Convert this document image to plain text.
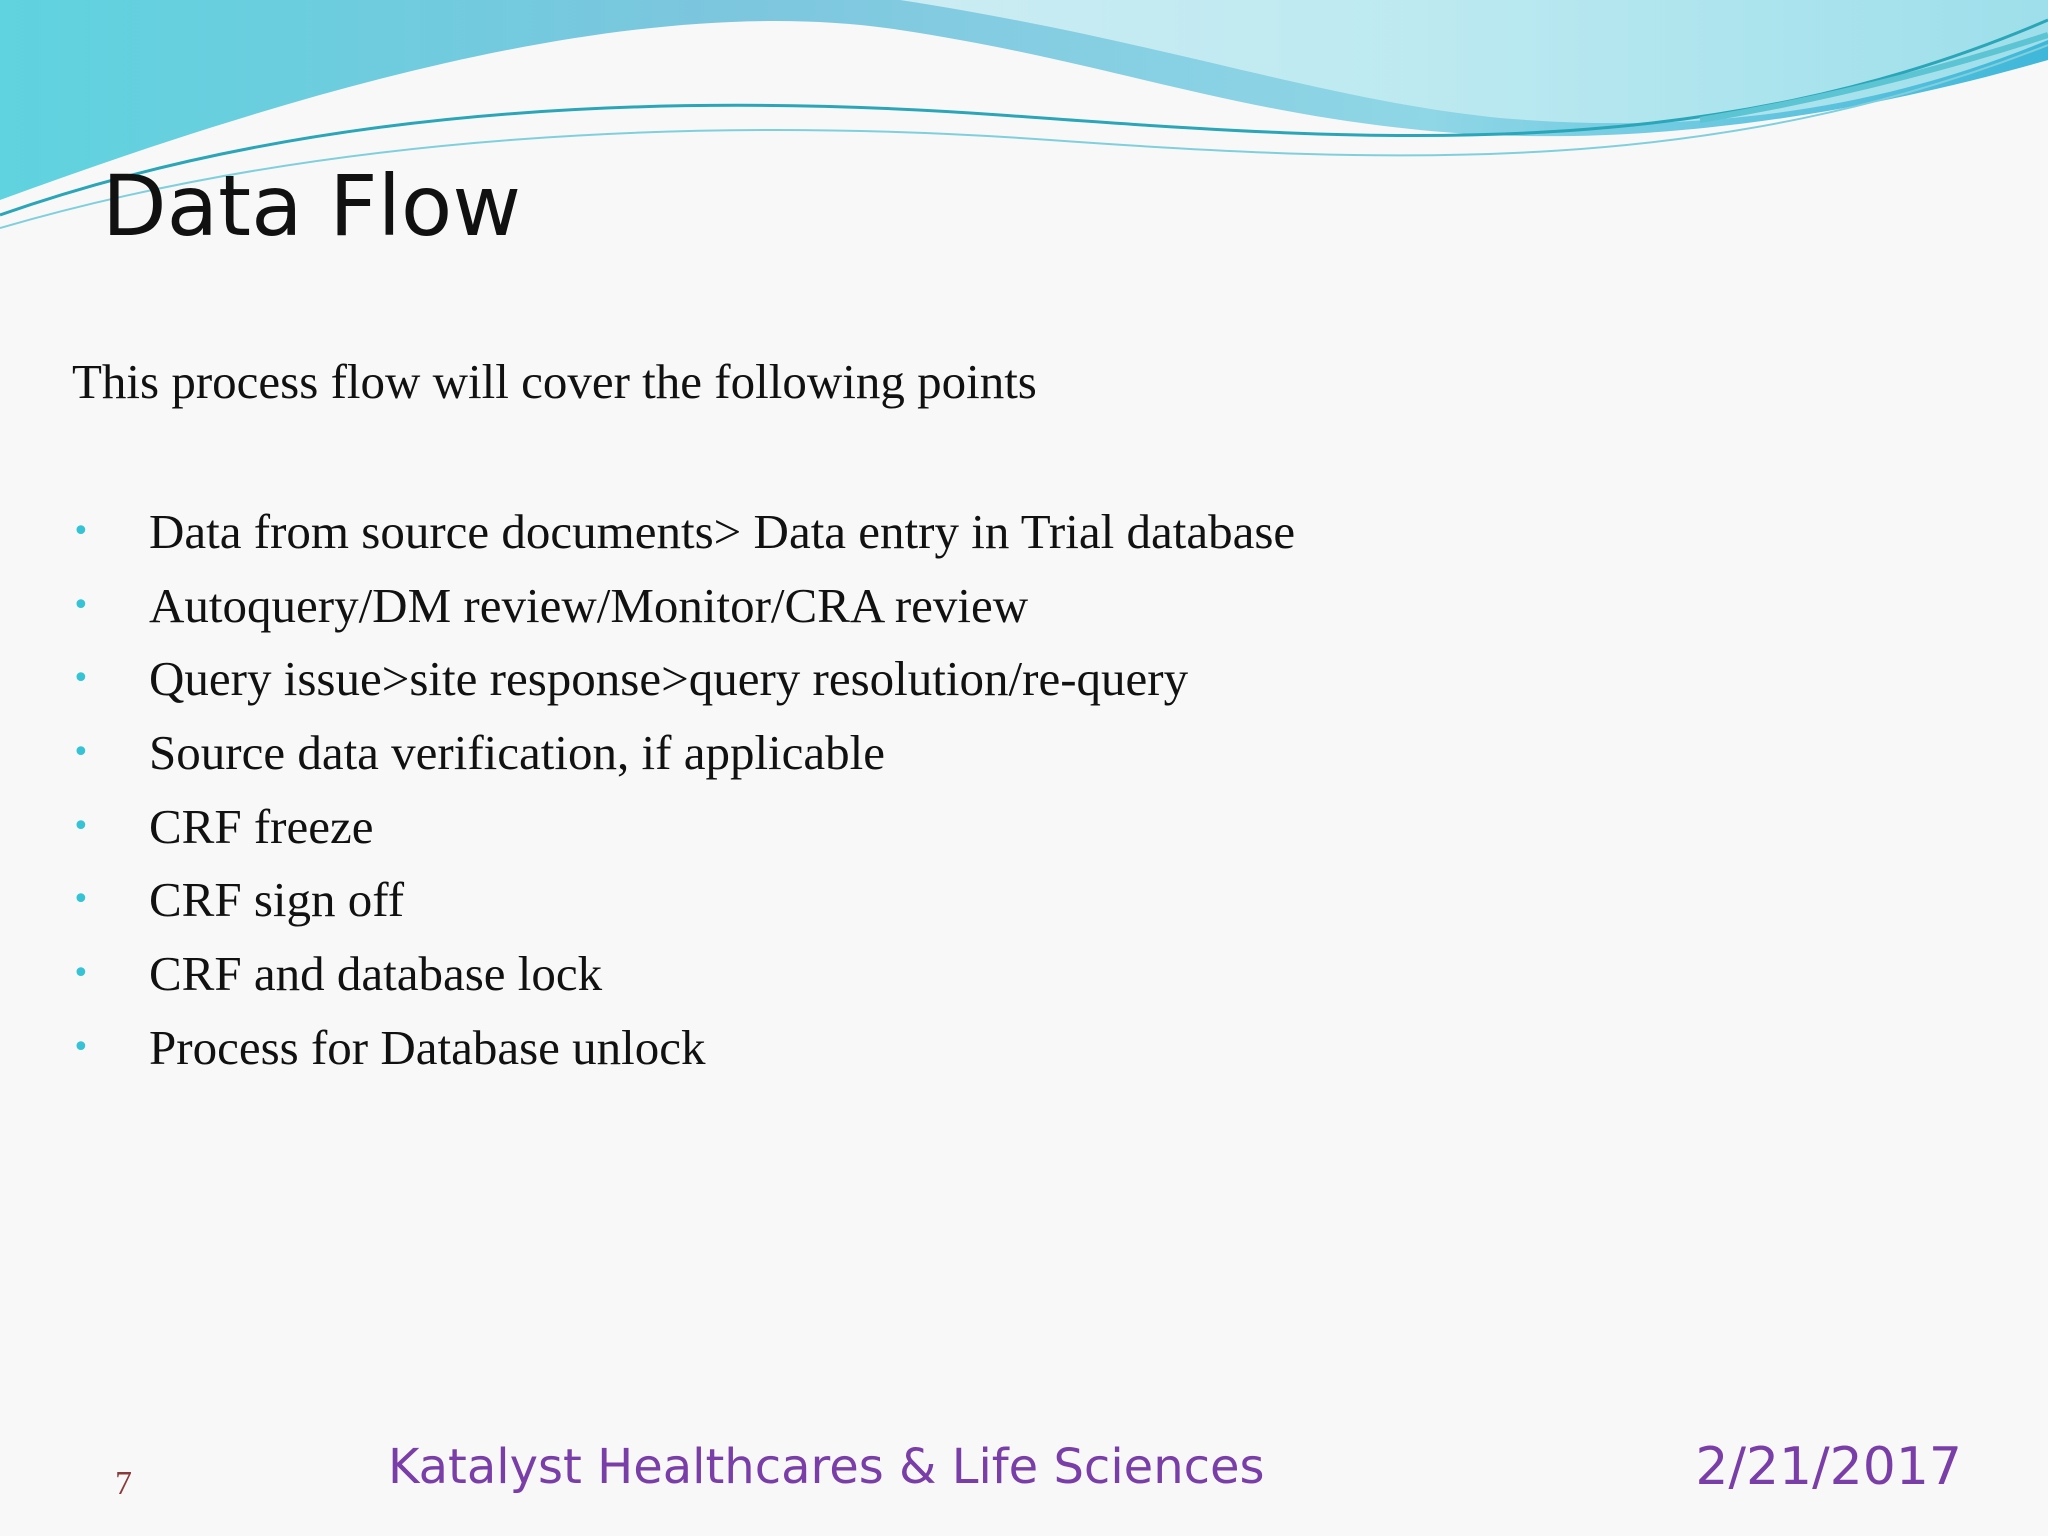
Data Flow
This process flow will cover the following points
• Data from source documents> Data entry in Trial database
• Autoquery/DM review/Monitor/CRA review
• Query issue>site response>query resolution/re-query
• Source data verification, if applicable
• CRF freeze
• CRF sign off
• CRF and database lock
• Process for Database unlock
7	Katalyst Healthcares & Life Sciences	2/21/2017
